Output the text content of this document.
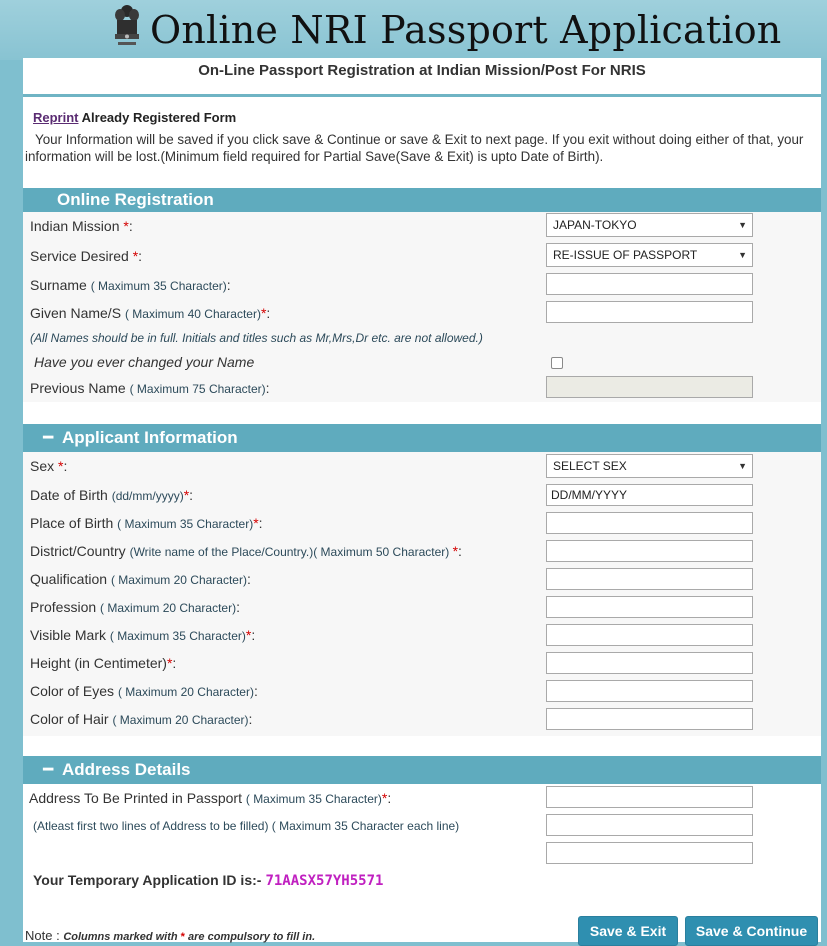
Online NRI Passport Application
On-Line Passport Registration at Indian Mission/Post For NRIS
Reprint Already Registered Form
Your Information will be saved if you click save & Continue or save & Exit to next page. If you exit without doing either of that, your information will be lost.(Minimum field required for Partial Save(Save & Exit) is upto Date of Birth).
Online Registration
Indian Mission *:	JAPAN-TOKYO	▼
Service Desired *:	RE-ISSUE OF PASSPORT	▼
Surname ( Maximum 35 Character):
Given Name/S ( Maximum 40 Character)*:
(All Names should be in full. Initials and titles such as Mr,Mrs,Dr etc. are not allowed.)
Have you ever changed your Name
Previous Name ( Maximum 75 Character):
━ Applicant Information
Sex *:	SELECT SEX	▼
Date of Birth (dd/mm/yyyy)*:	DD/MM/YYYY
Place of Birth ( Maximum 35 Character)*:
District/Country (Write name of the Place/Country.)( Maximum 50 Character) *:
Qualification ( Maximum 20 Character):
Profession ( Maximum 20 Character):
Visible Mark ( Maximum 35 Character)*:
Height (in Centimeter)*:
Color of Eyes ( Maximum 20 Character):
Color of Hair ( Maximum 20 Character):
━ Address Details
Address To Be Printed in Passport ( Maximum 35 Character)*:
(Atleast first two lines of Address to be filled) ( Maximum 35 Character each line)
Your Temporary Application ID is:- 71AASX57YH5571
Note : Columns marked with * are compulsory to fill in.	Save & Exit	Save & Continue
